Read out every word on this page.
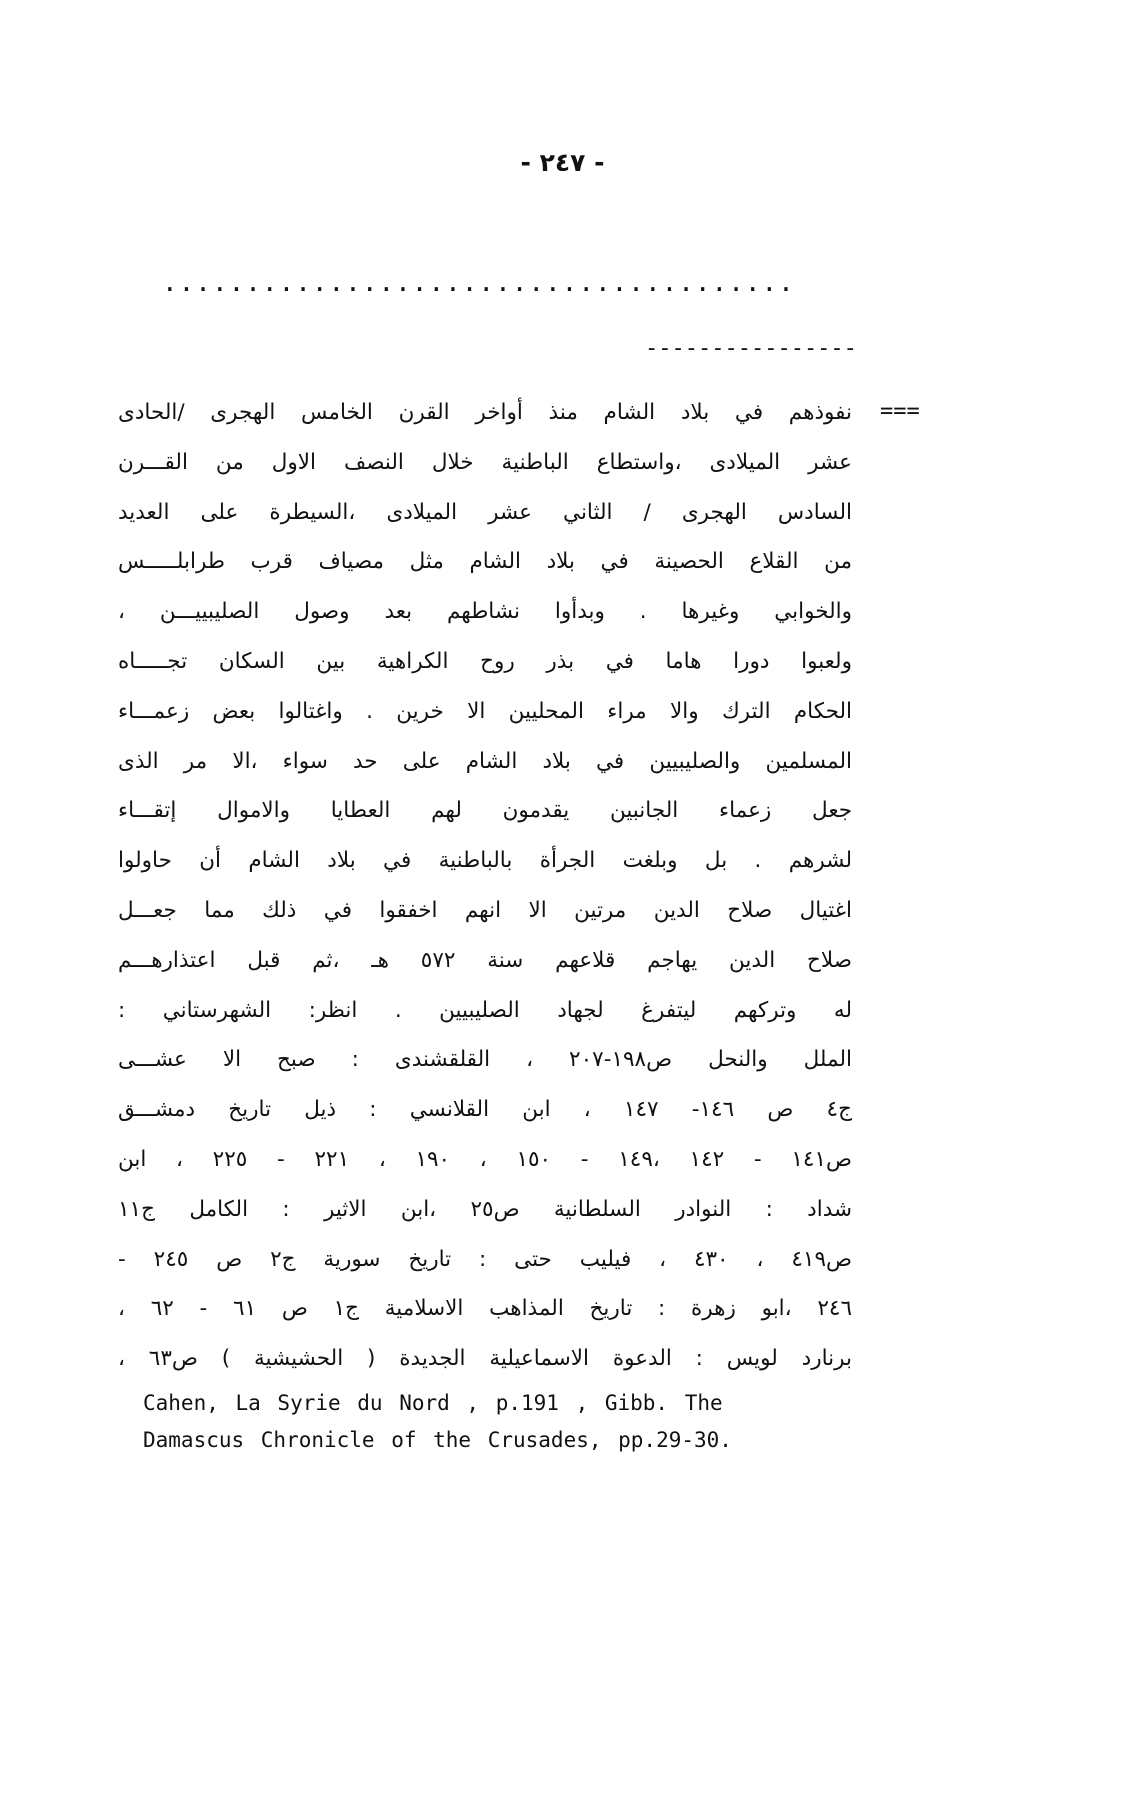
- ٢٤٧ -
......................................
----------------
===
نفوذهم في بلاد الشام منذ أواخر القرن الخامس الهجرى /الحادى
عشر الميلادى ،واستطاع الباطنية خلال النصف الاول من القـــرن
السادس الهجرى / الثاني عشر الميلادى ،السيطرة على العديد
من القلاع الحصينة في بلاد الشام مثل مصياف قرب طرابلـــــس
والخوابي وغيرها . وبدأوا نشاطهم بعد وصول الصليبييـــن ،
ولعبوا دورا هاما في بذر روح الكراهية بين السكان تجـــــاه
الحكام الترك والا مراء المحليين الا خرين . واغتالوا بعض زعمـــاء
المسلمين والصليبيين في بلاد الشام على حد سواء ،الا مر الذى
جعل زعماء الجانبين يقدمون لهم العطايا والاموال إتقـــاء
لشرهم . بل وبلغت الجرأة بالباطنية في بلاد الشام أن حاولوا
اغتيال صلاح الدين مرتين الا انهم اخفقوا في ذلك مما جعـــل
صلاح الدين يهاجم قلاعهم سنة ٥٧٢ هـ ،ثم قبل اعتذارهـــم
له وتركهم ليتفرغ لجهاد الصليبيين . انظر: الشهرستاني :
الملل والنحل ص١٩٨-٢٠٧ ، القلقشندى : صبح الا عشـــى
ج٤ ص ١٤٦- ١٤٧ ، ابن القلانسي : ذيل تاريخ دمشـــق
ص١٤١ - ١٤٢ ،١٤٩ - ١٥٠ ، ١٩٠ ، ٢٢١ - ٢٢٥ ، ابن
شداد : النوادر السلطانية ص٢٥ ،ابن الاثير : الكامل ج١١
ص٤١٩ ، ٤٣٠ ، فيليب حتى : تاريخ سورية ج٢ ص ٢٤٥ -
٢٤٦ ،ابو زهرة : تاريخ المذاهب الاسلامية ج١ ص ٦١ - ٦٢ ،
برنارد لويس : الدعوة الاسماعيلية الجديدة ( الحشيشية ) ص٦٣ ،
Cahen, La Syrie du Nord , p.191 , Gibb. The
Damascus Chronicle of the Crusades, pp.29-30.
